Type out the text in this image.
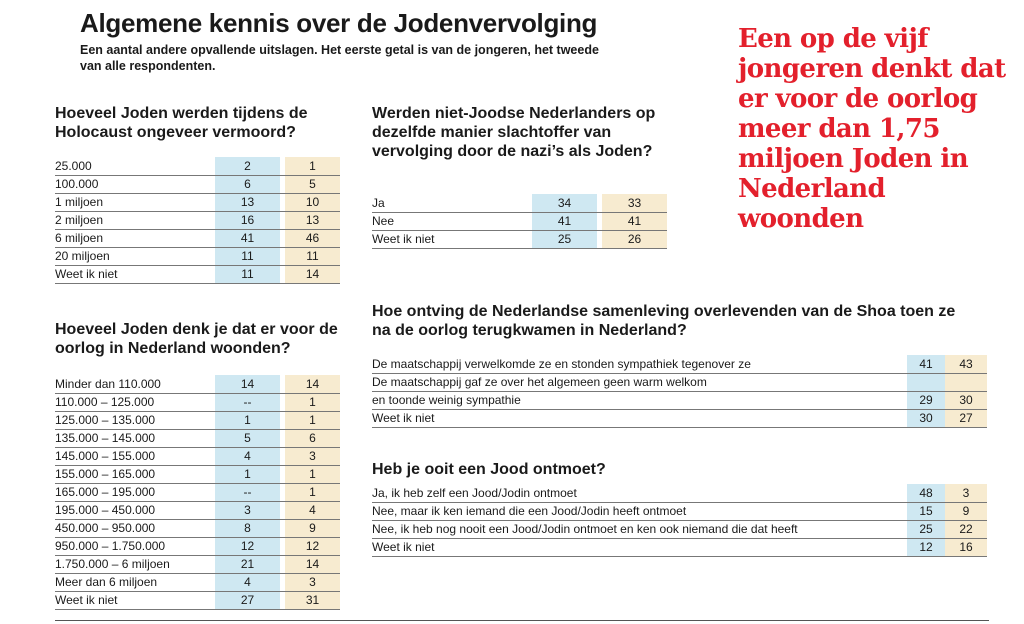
Algemene kennis over de Jodenvervolging
Een aantal andere opvallende uitslagen. Het eerste getal is van de jongeren, het tweede van alle respondenten.
Een op de vijf jongeren denkt dat er voor de oorlog meer dan 1,75 miljoen Joden in Nederland woonden
Hoeveel Joden werden tijdens de Holocaust ongeveer vermoord?
25.000	2	1
100.000	6	5
1 miljoen	13	10
2 miljoen	16	13
6 miljoen	41	46
20 miljoen	11	11
Weet ik niet	11	14
Hoeveel Joden denk je dat er voor de oorlog in Nederland woonden?
Minder dan 110.000	14	14
110.000 – 125.000	--	1
125.000 – 135.000	1	1
135.000 – 145.000	5	6
145.000 – 155.000	4	3
155.000 – 165.000	1	1
165.000 – 195.000	--	1
195.000 – 450.000	3	4
450.000 – 950.000	8	9
950.000 – 1.750.000	12	12
1.750.000 – 6 miljoen	21	14
Meer dan 6 miljoen	4	3
Weet ik niet	27	31
Werden niet-Joodse Nederlanders op dezelfde manier slachtoffer van vervolging door de nazi’s als Joden?
Ja	34	33
Nee	41	41
Weet ik niet	25	26
Hoe ontving de Nederlandse samenleving overlevenden van de Shoa toen ze na de oorlog terugkwamen in Nederland?
De maatschappij verwelkomde ze en stonden sympathiek tegenover ze	41	43
De maatschappij gaf ze over het algemeen geen warm welkom
en toonde weinig sympathie	29	30
Weet ik niet	30	27
Heb je ooit een Jood ontmoet?
Ja, ik heb zelf een Jood/Jodin ontmoet	48	3
Nee, maar ik ken iemand die een Jood/Jodin heeft ontmoet	15	9
Nee, ik heb nog nooit een Jood/Jodin ontmoet en ken ook niemand die dat heeft	25	22
Weet ik niet	12	16
